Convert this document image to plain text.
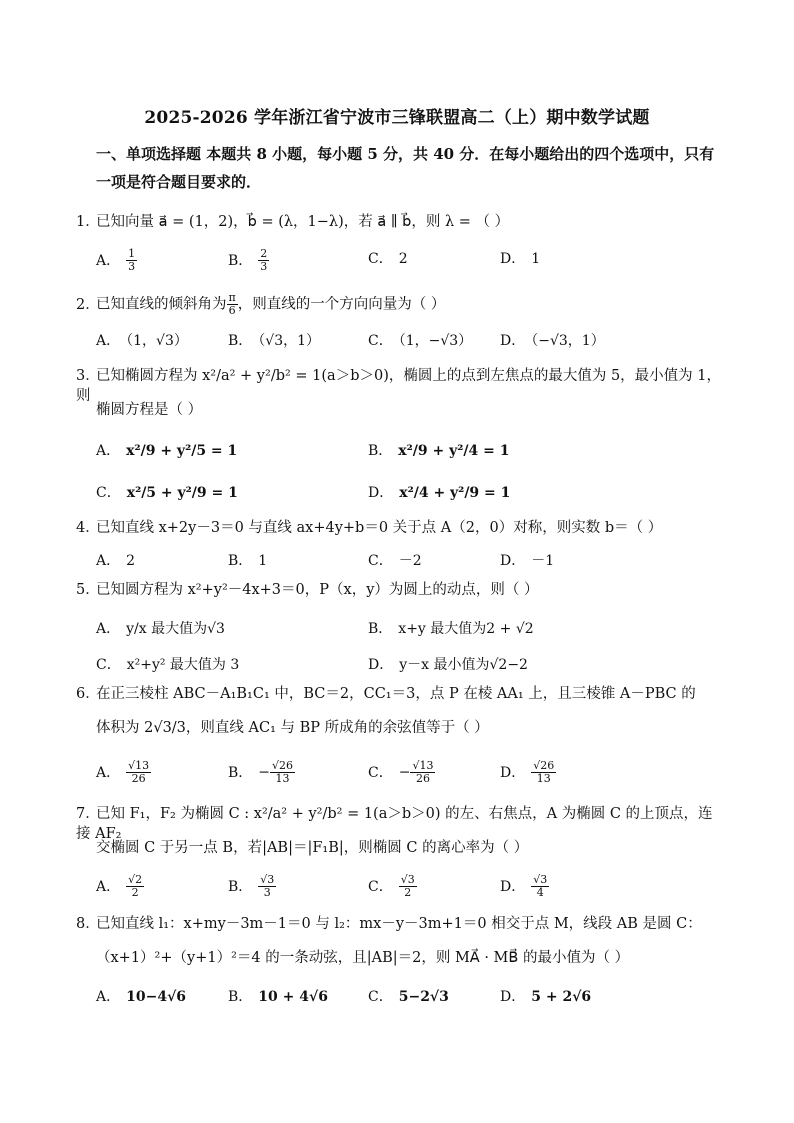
2025-2026 学年浙江省宁波市三锋联盟高二（上）期中数学试题
一、单项选择题 本题共 8 小题，每小题 5 分，共 40 分．在每小题给出的四个选项中，只有
一项是符合题目要求的．
1．已知向量 a⃗ = (1，2)，b⃗ = (λ，1−λ)，若 a⃗ ∥ b⃗，则 λ = （ ）
A． $\frac{1}{3}$	B． $\frac{2}{3}$	C． 2	D． 1
2．已知直线的倾斜角为 $\frac{\pi}{6}$ ，则直线的一个方向向量为（ ）
A． （1，√3）	B． （√3，1）	C． （1，−√3） D． （−√3，1）
3．已知椭圆方程为 x²/a² + y²/b² = 1(a＞b＞0)，椭圆上的点到左焦点的最大值为 5，最小值为 1，则
椭圆方程是（ ）
A． x²/9 + y²/5 = 1	B． x²/9 + y²/4 = 1
C． x²/5 + y²/9 = 1	D． x²/4 + y²/9 = 1
4．已知直线 x+2y－3＝0 与直线 ax+4y+b＝0 关于点 A（2，0）对称，则实数 b＝（ ）
A． 2	B． 1	C． －2	D． －1
5．已知圆方程为 x²+y²－4x+3＝0，P（x，y）为圆上的动点，则（ ）
A． y/x 最大值为√3	B． x+y 最大值为2 + √2
C． x²+y² 最大值为 3	D． y－x 最小值为√2−2
6．在正三棱柱 ABC－A₁B₁C₁ 中，BC＝2，CC₁＝3，点 P 在棱 AA₁ 上，且三棱锥 A－PBC 的
体积为 2√3/3，则直线 AC₁ 与 BP 所成角的余弦值等于（ ）
A． $\frac{√13}{26}$	B． − $\frac{√26}{13}$	C． − $\frac{√13}{26}$	D． $\frac{√26}{13}$
7．已知 F₁，F₂ 为椭圆 C : x²/a² + y²/b² = 1(a＞b＞0) 的左、右焦点，A 为椭圆 C 的上顶点，连接 AF₂
交椭圆 C 于另一点 B，若|AB|＝|F₁B|，则椭圆 C 的离心率为（ ）
A． $\frac{√2}{2}$	B． $\frac{√3}{3}$	C． $\frac{√3}{2}$	D． $\frac{√3}{4}$
8．已知直线 l₁：x+my－3m－1＝0 与 l₂：mx－y－3m+1＝0 相交于点 M，线段 AB 是圆 C：
（x+1）²+（y+1）²＝4 的一条动弦，且|AB|＝2，则 MA⃗ · MB⃗ 的最小值为（ ）
A． 10−4√6	B． 10 + 4√6	C． 5−2√3	D． 5 + 2√6
